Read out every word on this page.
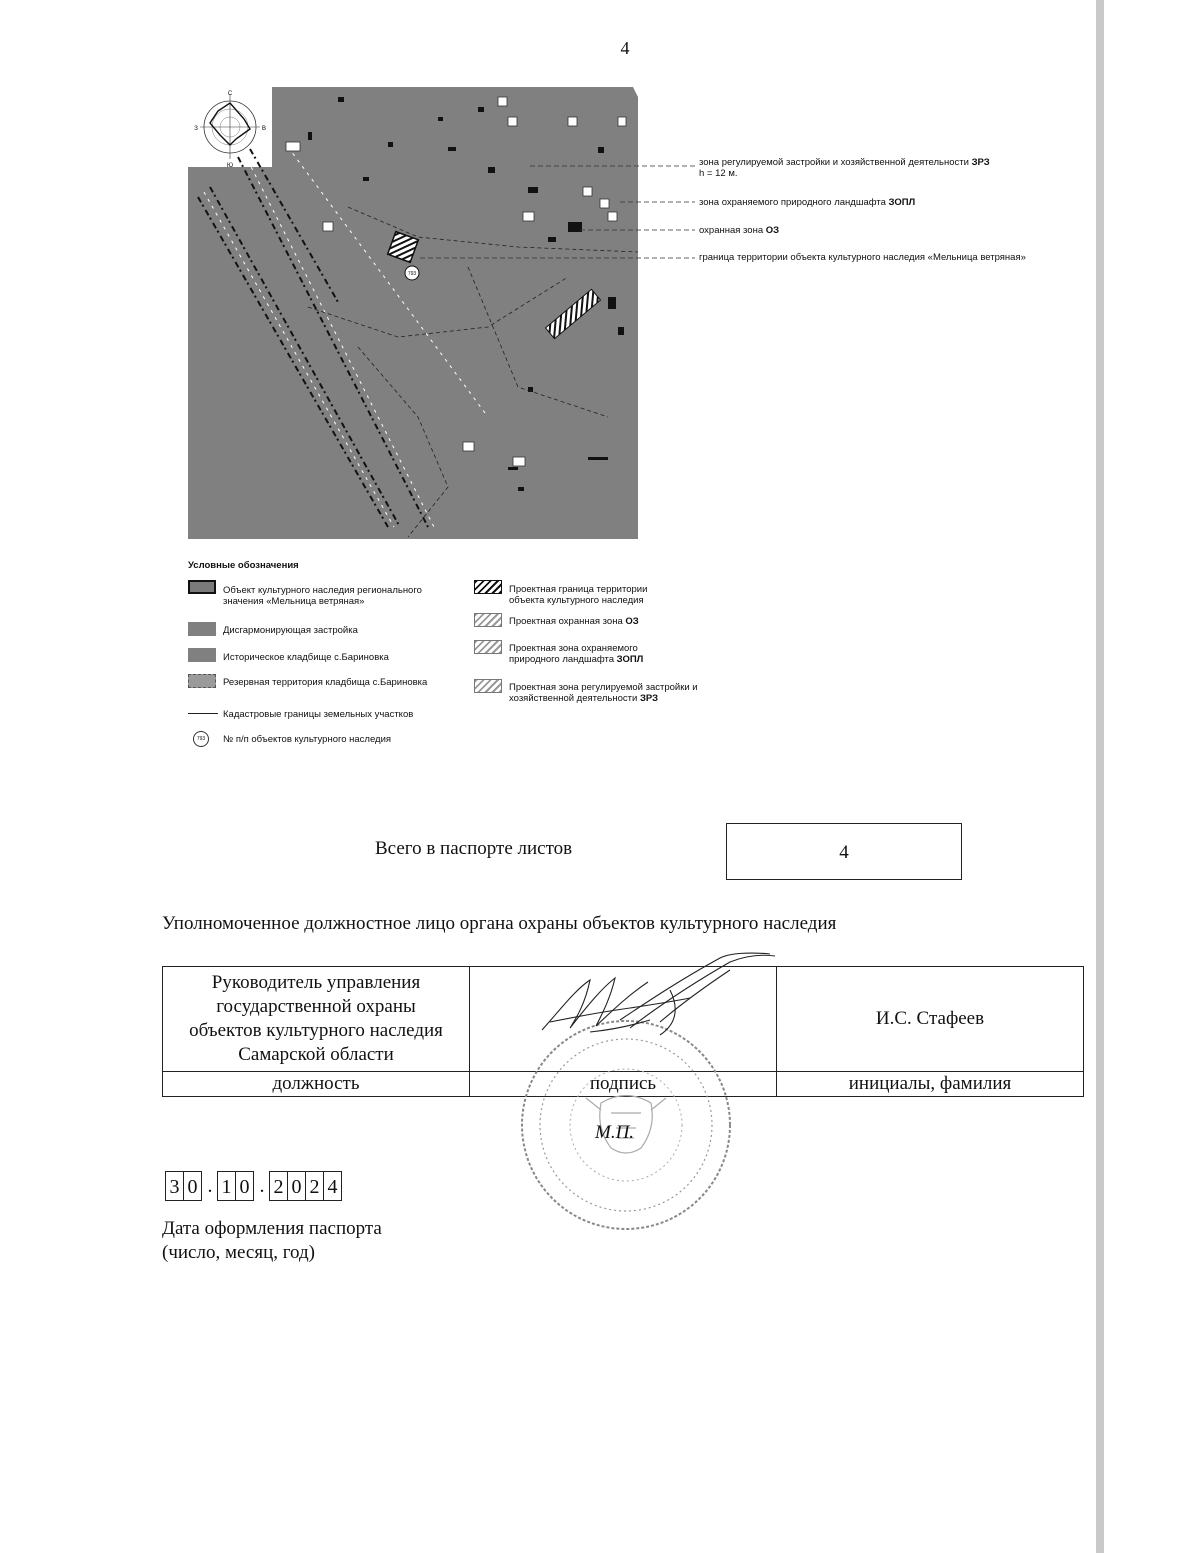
4
793
С
З	В
Ю	зона регулируемой застройки и хозяйственной деятельности ЗРЗ
h = 12 м.
зона охраняемого природного ландшафта ЗОПЛ
охранная зона ОЗ
граница территории объекта культурного наследия «Мельница ветряная»
Условные обозначения
Объект культурного наследия регионального значения «Мельница ветряная»
Дисгармонирующая застройка
Историческое кладбище с.Бариновка
Резервная территория кладбища с.Бариновка
Кадастровые границы земельных участков
793	№ п/п объектов культурного наследия
Проектная граница территории объекта культурного наследия
Проектная охранная зона ОЗ
Проектная зона охраняемого природного ландшафта ЗОПЛ
Проектная зона регулируемой застройки и хозяйственной деятельности ЗРЗ
Всего в паспорте листов	4
Уполномоченное должностное лицо органа охраны объектов культурного наследия
Руководитель управления
государственной охраны
объектов культурного наследия
Самарской области		И.С. Стафеев
должность	подпись	инициалы, фамилия
М.П.
3 0 . 1 0 . 2 0 2 4
Дата оформления паспорта
(число, месяц, год)
